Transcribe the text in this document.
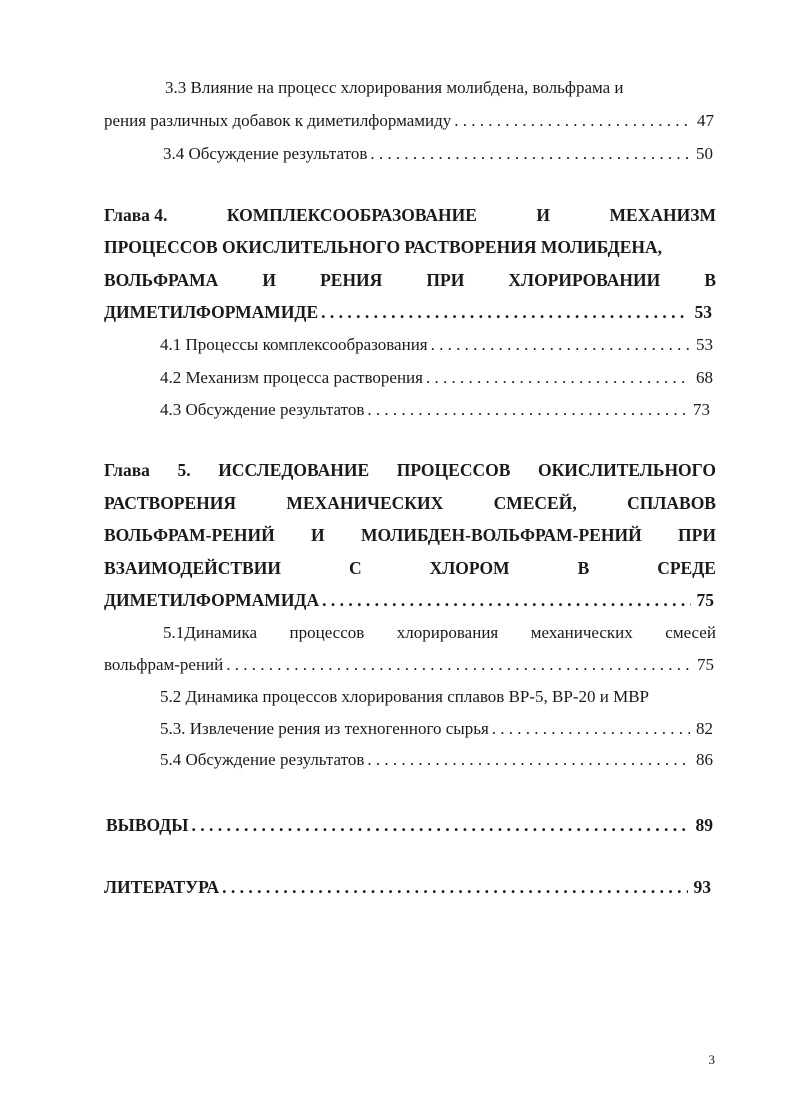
3.3 Влияние на процесс хлорирования молибдена, вольфрама и
рения различных добавок к диметилформамиду . . .	47
3.4 Обсуждение результатов . . .	50
Глава 4.	КОМПЛЕКСООБРАЗОВАНИЕ	И	МЕХАНИЗМ
ПРОЦЕССОВ ОКИСЛИТЕЛЬНОГО РАСТВОРЕНИЯ МОЛИБДЕНА,
ВОЛЬФРАМА	И	РЕНИЯ	ПРИ	ХЛОРИРОВАНИИ	В
ДИМЕТИЛФОРМАМИДЕ . . .	53
4.1 Процессы комплексообразования . . .	53
4.2 Механизм процесса растворения . . .	68
4.3 Обсуждение результатов . . .	73
Глава 5. ИССЛЕДОВАНИЕ ПРОЦЕССОВ ОКИСЛИТЕЛЬНОГО
РАСТВОРЕНИЯ	МЕХАНИЧЕСКИХ	СМЕСЕЙ,	СПЛАВОВ
ВОЛЬФРАМ-РЕНИЙ И МОЛИБДЕН-ВОЛЬФРАМ-РЕНИЙ ПРИ
ВЗАИМОДЕЙСТВИИ	С	ХЛОРОМ	В	СРЕДЕ
ДИМЕТИЛФОРМАМИДА . . .	75
5.1Динамика процессов хлорирования механических смесей
вольфрам-рений . . .	75
5.2 Динамика процессов хлорирования сплавов ВР-5, ВР-20 и МВР
5.3. Извлечение рения из техногенного сырья . . .	82
5.4 Обсуждение результатов . . .	86
ВЫВОДЫ . . .	89
ЛИТЕРАТУРА . . .	93
3
